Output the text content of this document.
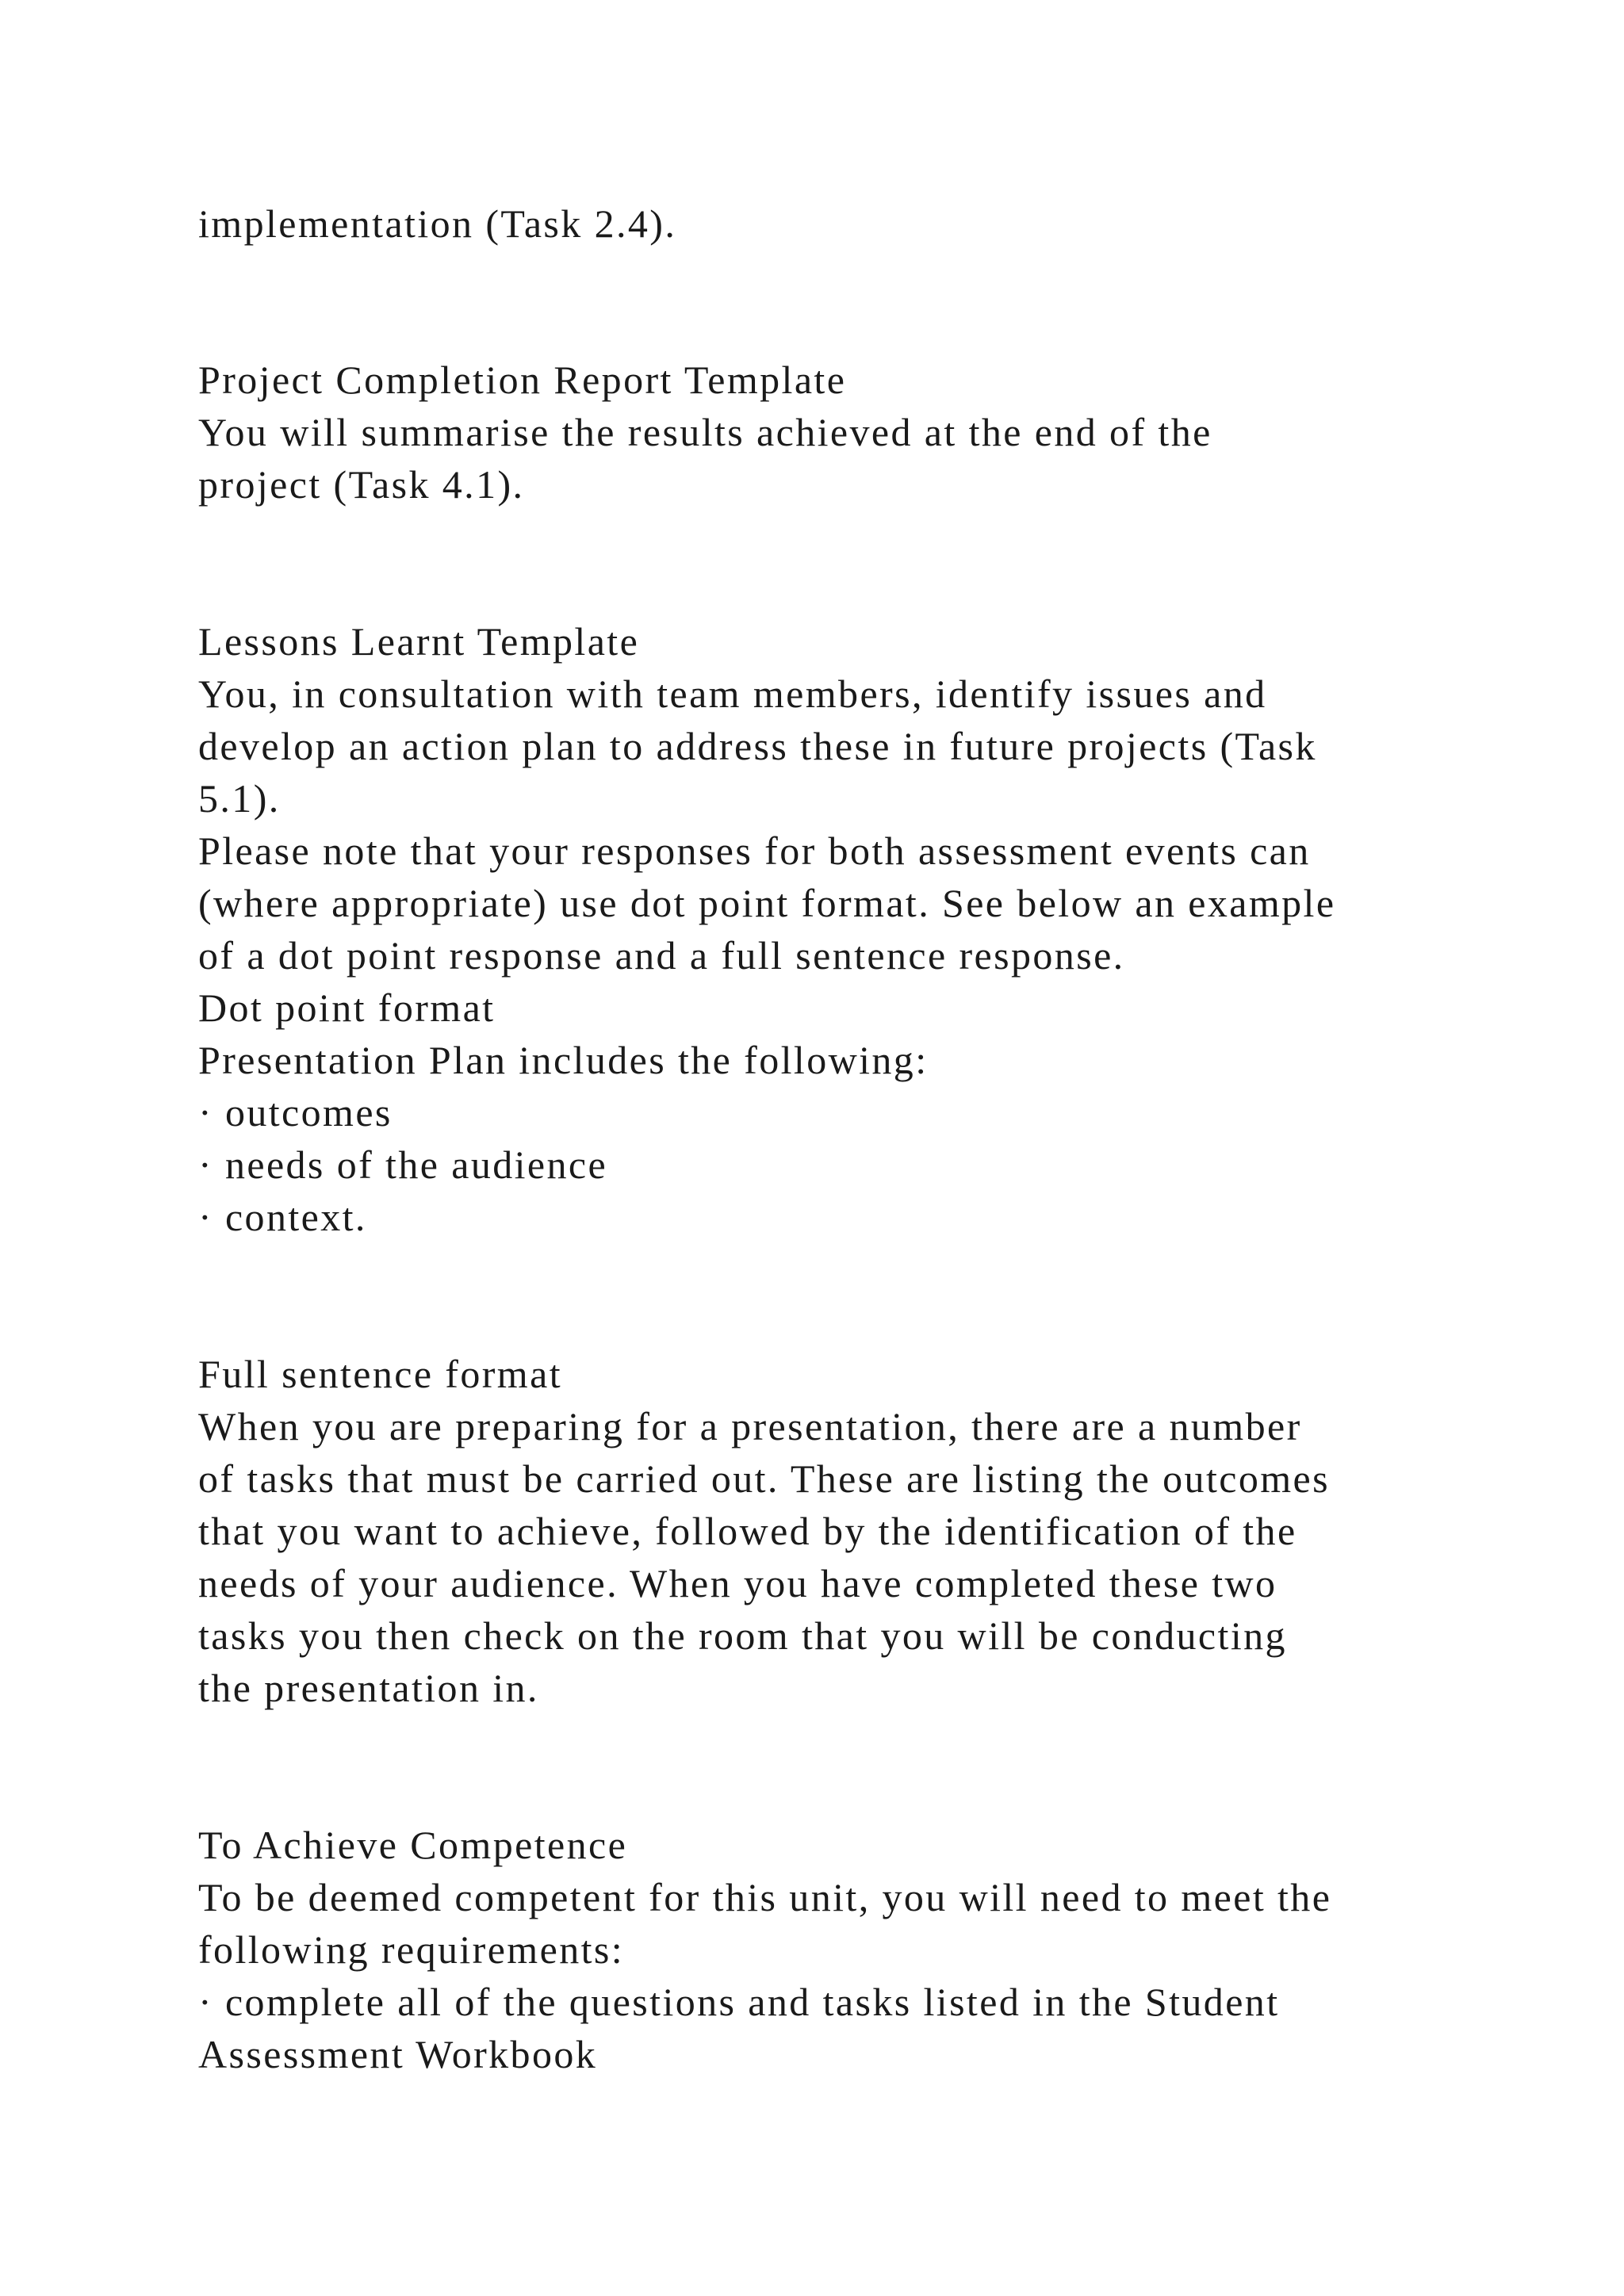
implementation (Task 2.4).

Project Completion Report Template

You will summarise the results achieved at the end of the

project (Task 4.1).

Lessons Learnt Template

You, in consultation with team members, identify issues and

develop an action plan to address these in future projects (Task

5.1).

Please note that your responses for both assessment events can

(where appropriate) use dot point format. See below an example

of a dot point response and a full sentence response.

Dot point format

Presentation Plan includes the following:

· outcomes

· needs of the audience

· context.

Full sentence format

When you are preparing for a presentation, there are a number

of tasks that must be carried out. These are listing the outcomes

that you want to achieve, followed by the identification of the

needs of your audience. When you have completed these two

tasks you then check on the room that you will be conducting

the presentation in.

To Achieve Competence

To be deemed competent for this unit, you will need to meet the

following requirements:

· complete all of the questions and tasks listed in the Student

Assessment Workbook
